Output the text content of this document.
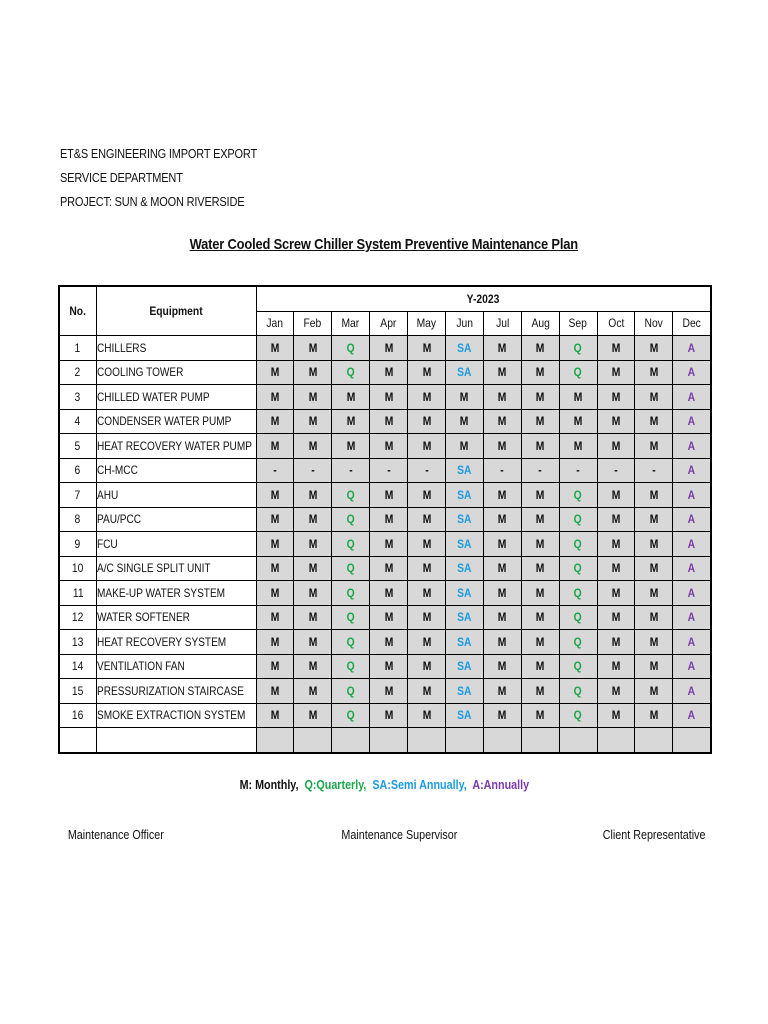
ET&S ENGINEERING IMPORT EXPORT
SERVICE DEPARTMENT
PROJECT: SUN & MOON RIVERSIDE
Water Cooled Screw Chiller System Preventive Maintenance Plan
No.	Equipment	Y-2023											
		Jan	Feb	Mar	Apr	May	Jun	Jul	Aug	Sep	Oct	Nov	Dec
1	CHILLERS	M	M	Q	M	M	SA	M	M	Q	M	M	A
2	COOLING TOWER	M	M	Q	M	M	SA	M	M	Q	M	M	A
3	CHILLED WATER PUMP	M	M	M	M	M	M	M	M	M	M	M	A
4	CONDENSER WATER PUMP	M	M	M	M	M	M	M	M	M	M	M	A
5	HEAT RECOVERY WATER PUMP	M	M	M	M	M	M	M	M	M	M	M	A
6	CH-MCC	-	-	-	-	-	SA	-	-	-	-	-	A
7	AHU	M	M	Q	M	M	SA	M	M	Q	M	M	A
8	PAU/PCC	M	M	Q	M	M	SA	M	M	Q	M	M	A
9	FCU	M	M	Q	M	M	SA	M	M	Q	M	M	A
10	A/C SINGLE SPLIT UNIT	M	M	Q	M	M	SA	M	M	Q	M	M	A
11	MAKE-UP WATER SYSTEM	M	M	Q	M	M	SA	M	M	Q	M	M	A
12	WATER SOFTENER	M	M	Q	M	M	SA	M	M	Q	M	M	A
13	HEAT RECOVERY SYSTEM	M	M	Q	M	M	SA	M	M	Q	M	M	A
14	VENTILATION FAN	M	M	Q	M	M	SA	M	M	Q	M	M	A
15	PRESSURIZATION STAIRCASE	M	M	Q	M	M	SA	M	M	Q	M	M	A
16	SMOKE EXTRACTION SYSTEM	M	M	Q	M	M	SA	M	M	Q	M	M	A

M: Monthly, Q:Quarterly, SA:Semi Annually, A:Annually
Maintenance Officer	Maintenance Supervisor	Client Representative
